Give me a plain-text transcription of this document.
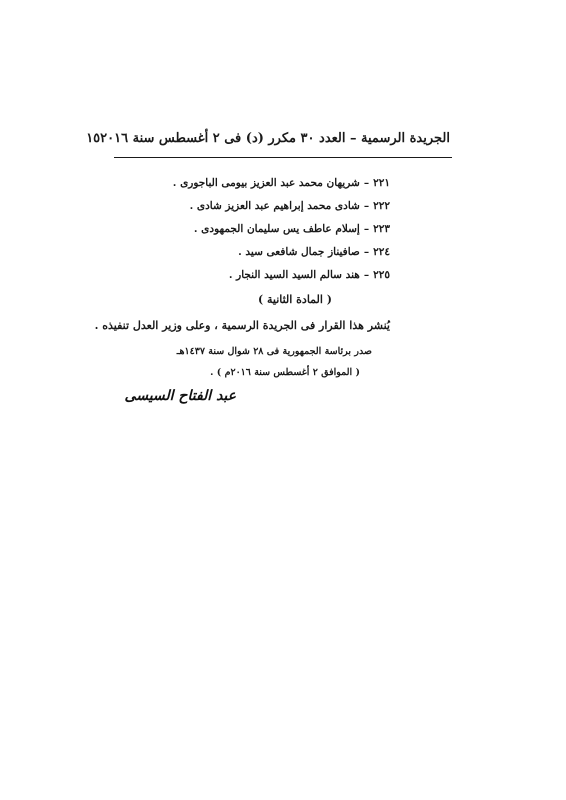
الجريدة الرسمية – العدد ٣٠ مكرر (د) فى ٢ أغسطس سنة ٢٠١٦
١٥
٢٢١–شريهان محمد عبد العزيز بيومى الباجورى .
٢٢٢–شادى محمد إبراهيم عبد العزيز شادى .
٢٢٣–إسلام عاطف يس سليمان الجمهودى .
٢٢٤–صافيناز جمال شافعى سيد .
٢٢٥–هند سالم السيد السيد النجار .
( المادة الثانية )
يُنشر هذا القرار فى الجريدة الرسمية ، وعلى وزير العدل تنفيذه .
صدر برئاسة الجمهورية فى ٢٨ شوال سنة ١٤٣٧هـ
( الموافق ٢ أغسطس سنة ٢٠١٦م ) .
عبد الفتاح السيسى
